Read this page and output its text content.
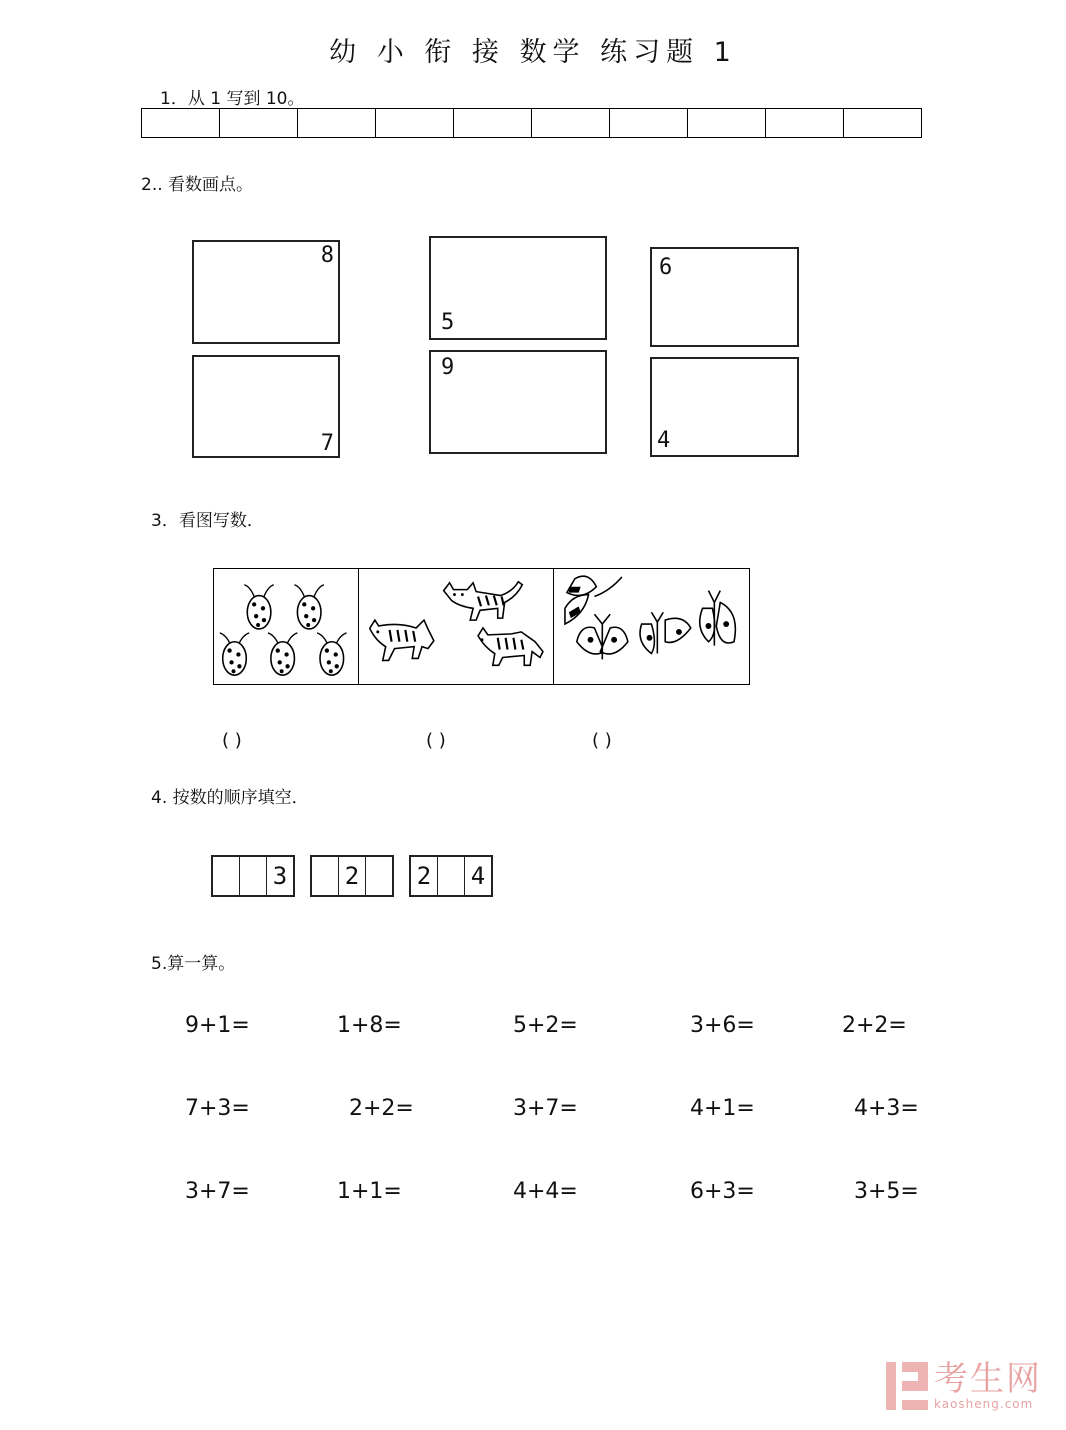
幼 小 衔 接 数学 练习题 1
1．从 1 写到 10。
2.. 看数画点。
8
5
6
7
9
4
3．看图写数．
( )	( )	( )
4. 按数的顺序填空．
3 2 2 4
5.算一算。
9+1=	1+8=	5+2=	3+6=	2+2=
7+3=	2+2=	3+7=	4+1=	4+3=
3+7=	1+1=	4+4=	6+3=	3+5=
考生网
kaosheng.com
